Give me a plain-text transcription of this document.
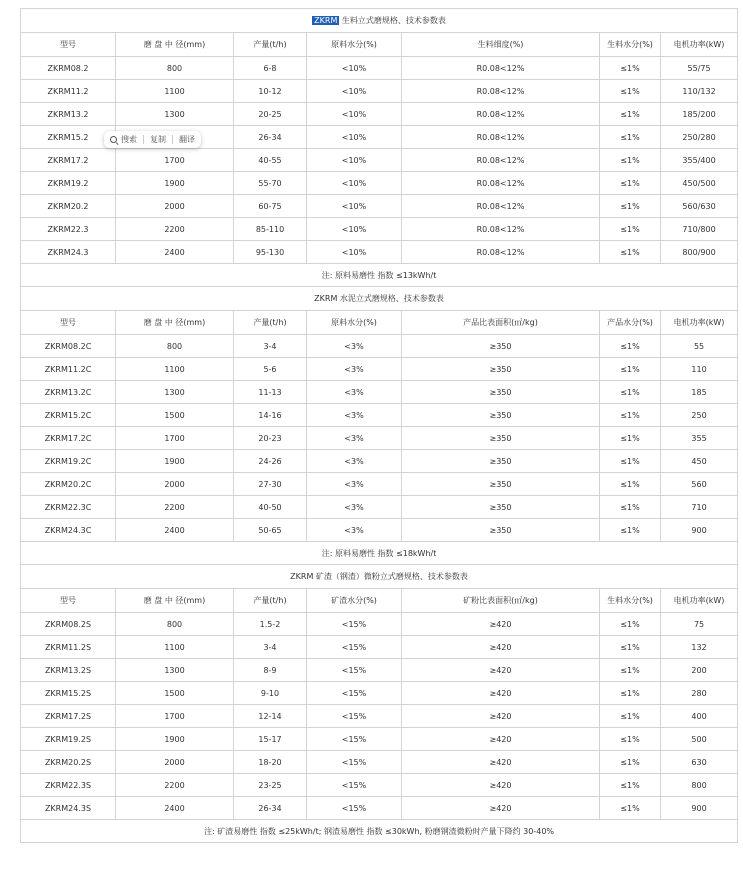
ZKRM 生料立式磨规格、技术参数表						
型号	磨 盘 中 径(mm)	产量(t/h)	原料水分(%)	生料细度(%)	生料水分(%)	电机功率(kW)
ZKRM08.2	800	6-8	<10%	R0.08<12%	≤1%	55/75
ZKRM11.2	1100	10-12	<10%	R0.08<12%	≤1%	110/132
ZKRM13.2	1300	20-25	<10%	R0.08<12%	≤1%	185/200
ZKRM15.2		26-34	<10%	R0.08<12%	≤1%	250/280
ZKRM17.2	1700	40-55	<10%	R0.08<12%	≤1%	355/400
ZKRM19.2	1900	55-70	<10%	R0.08<12%	≤1%	450/500
ZKRM20.2	2000	60-75	<10%	R0.08<12%	≤1%	560/630
ZKRM22.3	2200	85-110	<10%	R0.08<12%	≤1%	710/800
ZKRM24.3	2400	95-130	<10%	R0.08<12%	≤1%	800/900
注: 原料易磨性 指数 ≤13kWh/t						
ZKRM 水泥立式磨规格、技术参数表						
型号	磨 盘 中 径(mm)	产量(t/h)	原料水分(%)	产品比表面积(㎡/kg)	产品水分(%)	电机功率(kW)
ZKRM08.2C	800	3-4	<3%	≥350	≤1%	55
ZKRM11.2C	1100	5-6	<3%	≥350	≤1%	110
ZKRM13.2C	1300	11-13	<3%	≥350	≤1%	185
ZKRM15.2C	1500	14-16	<3%	≥350	≤1%	250
ZKRM17.2C	1700	20-23	<3%	≥350	≤1%	355
ZKRM19.2C	1900	24-26	<3%	≥350	≤1%	450
ZKRM20.2C	2000	27-30	<3%	≥350	≤1%	560
ZKRM22.3C	2200	40-50	<3%	≥350	≤1%	710
ZKRM24.3C	2400	50-65	<3%	≥350	≤1%	900
注: 原料易磨性 指数 ≤18kWh/t						
ZKRM 矿渣（钢渣）微粉立式磨规格、技术参数表						
型号	磨 盘 中 径(mm)	产量(t/h)	矿渣水分(%)	矿粉比表面积(㎡/kg)	生料水分(%)	电机功率(kW)
ZKRM08.2S	800	1.5-2	<15%	≥420	≤1%	75
ZKRM11.2S	1100	3-4	<15%	≥420	≤1%	132
ZKRM13.2S	1300	8-9	<15%	≥420	≤1%	200
ZKRM15.2S	1500	9-10	<15%	≥420	≤1%	280
ZKRM17.2S	1700	12-14	<15%	≥420	≤1%	400
ZKRM19.2S	1900	15-17	<15%	≥420	≤1%	500
ZKRM20.2S	2000	18-20	<15%	≥420	≤1%	630
ZKRM22.3S	2200	23-25	<15%	≥420	≤1%	800
ZKRM24.3S	2400	26-34	<15%	≥420	≤1%	900
注: 矿渣易磨性 指数 ≤25kWh/t; 钢渣易磨性 指数 ≤30kWh, 粉磨钢渣微粉时产量下降约 30-40%						
搜索 复制 翻译
